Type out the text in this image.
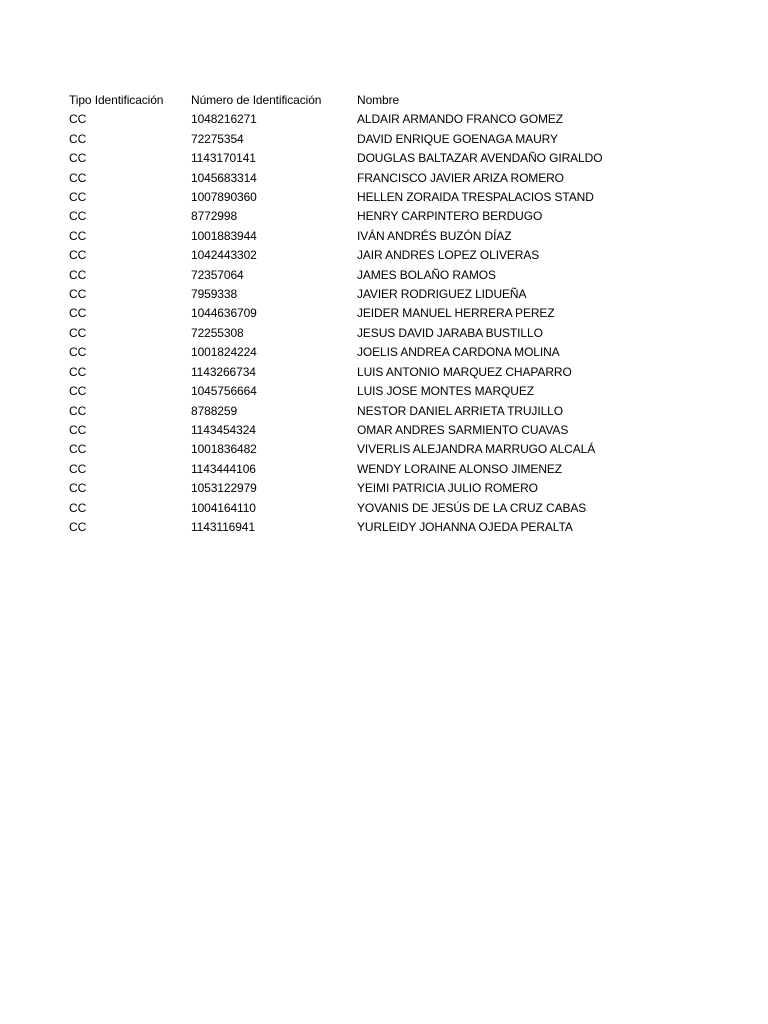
Tipo Identificación	Número de Identificación	Nombre
CC	1048216271	ALDAIR ARMANDO FRANCO GOMEZ
CC	72275354	DAVID ENRIQUE GOENAGA MAURY
CC	1143170141	DOUGLAS BALTAZAR AVENDAÑO GIRALDO
CC	1045683314	FRANCISCO JAVIER ARIZA ROMERO
CC	1007890360	HELLEN ZORAIDA TRESPALACIOS STAND
CC	8772998	HENRY CARPINTERO BERDUGO
CC	1001883944	IVÁN ANDRÉS BUZÓN DÍAZ
CC	1042443302	JAIR ANDRES LOPEZ OLIVERAS
CC	72357064	JAMES BOLAÑO RAMOS
CC	7959338	JAVIER RODRIGUEZ LIDUEÑA
CC	1044636709	JEIDER MANUEL HERRERA PEREZ
CC	72255308	JESUS DAVID JARABA BUSTILLO
CC	1001824224	JOELIS ANDREA CARDONA MOLINA
CC	1143266734	LUIS ANTONIO MARQUEZ CHAPARRO
CC	1045756664	LUIS JOSE MONTES MARQUEZ
CC	8788259	NESTOR DANIEL ARRIETA TRUJILLO
CC	1143454324	OMAR ANDRES SARMIENTO CUAVAS
CC	1001836482	VIVERLIS ALEJANDRA MARRUGO ALCALÁ
CC	1143444106	WENDY LORAINE ALONSO JIMENEZ
CC	1053122979	YEIMI PATRICIA JULIO ROMERO
CC	1004164110	YOVANIS DE JESÚS DE LA CRUZ CABAS
CC	1143116941	YURLEIDY JOHANNA OJEDA PERALTA
